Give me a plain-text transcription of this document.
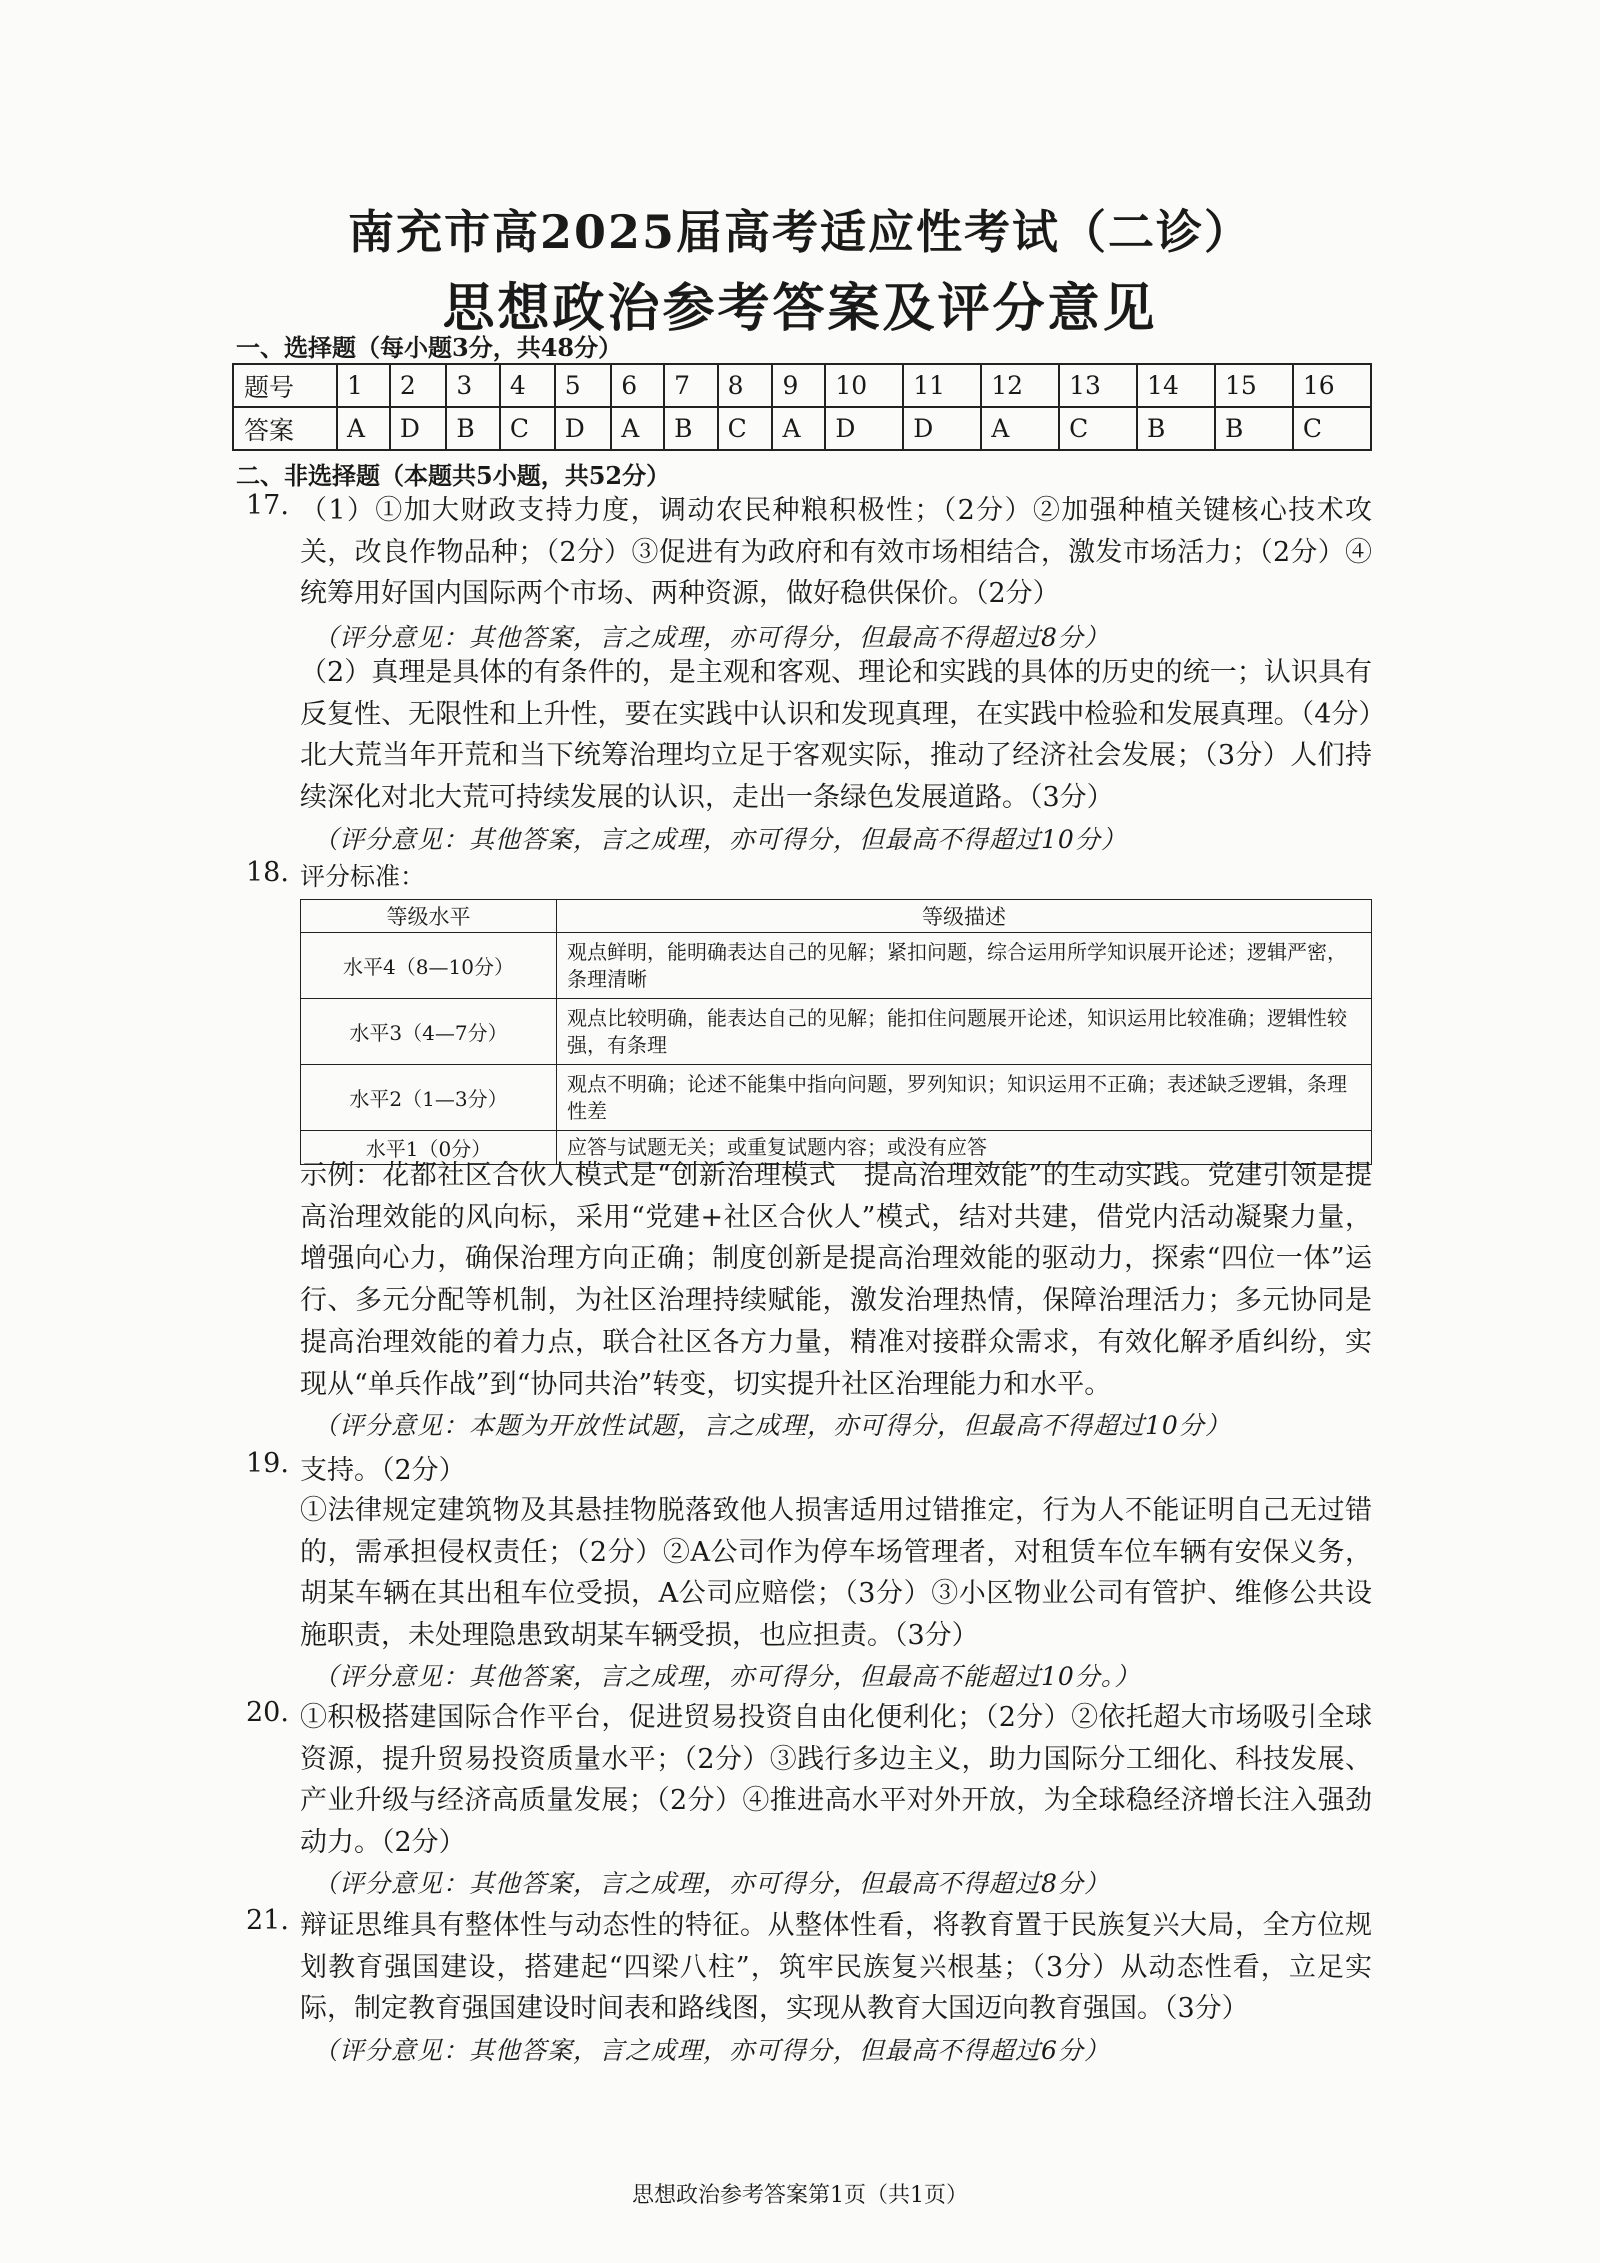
南充市高2025届高考适应性考试（二诊）
思想政治参考答案及评分意见
一、选择题（每小题3分，共48分）
题号	1	2	3	4	5	6	7	8	9	10	11	12	13	14	15	16
答案	A	D	B	C	D	A	B	C	A	D	D	A	C	B	B	C
二、非选择题（本题共5小题，共52分）
17. （1）①加大财政支持力度，调动农民种粮积极性；（2分）②加强种植关键核心技术攻关，改良作物品种；（2分）③促进有为政府和有效市场相结合，激发市场活力；（2分）④统筹用好国内国际两个市场、两种资源，做好稳供保价。（2分）

（评分意见：其他答案，言之成理，亦可得分，但最高不得超过8分）

（2）真理是具体的有条件的，是主观和客观、理论和实践的具体的历史的统一；认识具有反复性、无限性和上升性，要在实践中认识和发现真理，在实践中检验和发展真理。（4分）北大荒当年开荒和当下统筹治理均立足于客观实际，推动了经济社会发展；（3分）人们持续深化对北大荒可持续发展的认识，走出一条绿色发展道路。（3分）

（评分意见：其他答案，言之成理，亦可得分，但最高不得超过10分）
18. 评分标准：
等级水平	等级描述
水平4（8—10分）	观点鲜明，能明确表达自己的见解；紧扣问题，综合运用所学知识展开论述；逻辑严密，条理清晰
水平3（4—7分）	观点比较明确，能表达自己的见解；能扣住问题展开论述，知识运用比较准确；逻辑性较强，有条理
水平2（1—3分）	观点不明确；论述不能集中指向问题，罗列知识；知识运用不正确；表述缺乏逻辑，条理性差
水平1（0分）	应答与试题无关；或重复试题内容；或没有应答

示例：花都社区合伙人模式是“创新治理模式　提高治理效能”的生动实践。党建引领是提高治理效能的风向标，采用“党建+社区合伙人”模式，结对共建，借党内活动凝聚力量，增强向心力，确保治理方向正确；制度创新是提高治理效能的驱动力，探索“四位一体”运行、多元分配等机制，为社区治理持续赋能，激发治理热情，保障治理活力；多元协同是提高治理效能的着力点，联合社区各方力量，精准对接群众需求，有效化解矛盾纠纷，实现从“单兵作战”到“协同共治”转变，切实提升社区治理能力和水平。

（评分意见：本题为开放性试题，言之成理，亦可得分，但最高不得超过10分）
19. 支持。（2分）

①法律规定建筑物及其悬挂物脱落致他人损害适用过错推定，行为人不能证明自己无过错的，需承担侵权责任；（2分）②A公司作为停车场管理者，对租赁车位车辆有安保义务，胡某车辆在其出租车位受损，A公司应赔偿；（3分）③小区物业公司有管护、维修公共设施职责，未处理隐患致胡某车辆受损，也应担责。（3分）

（评分意见：其他答案，言之成理，亦可得分，但最高不能超过10分。）
20. ①积极搭建国际合作平台，促进贸易投资自由化便利化；（2分）②依托超大市场吸引全球资源，提升贸易投资质量水平；（2分）③践行多边主义，助力国际分工细化、科技发展、产业升级与经济高质量发展；（2分）④推进高水平对外开放，为全球稳经济增长注入强劲动力。（2分）

（评分意见：其他答案，言之成理，亦可得分，但最高不得超过8分）
21. 辩证思维具有整体性与动态性的特征。从整体性看，将教育置于民族复兴大局，全方位规划教育强国建设，搭建起“四梁八柱”，筑牢民族复兴根基；（3分）从动态性看，立足实际，制定教育强国建设时间表和路线图，实现从教育大国迈向教育强国。（3分）

（评分意见：其他答案，言之成理，亦可得分，但最高不得超过6分）
思想政治参考答案第1页（共1页）
